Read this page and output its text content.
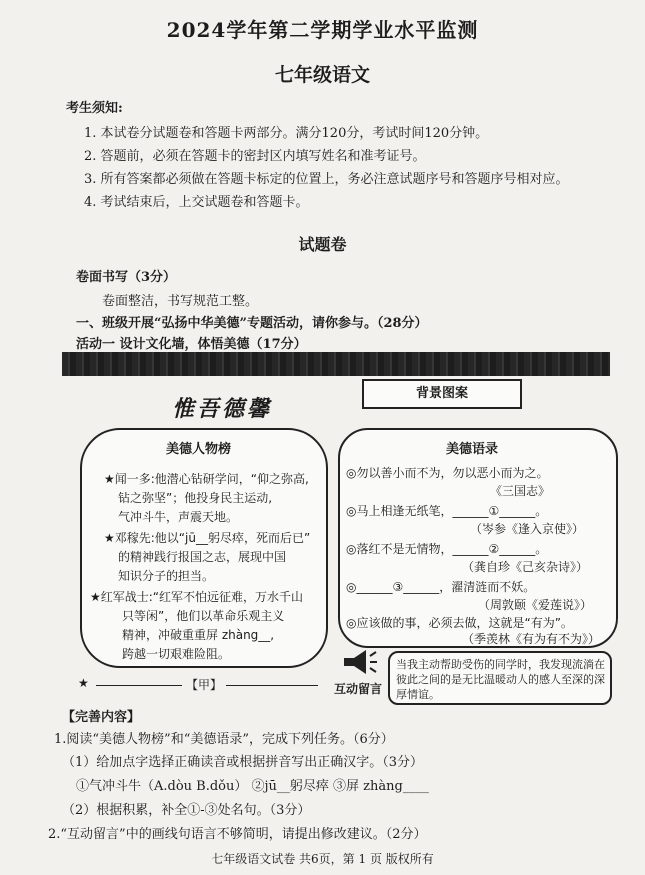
2024学年第二学期学业水平监测
七年级语文
考生须知:
1. 本试卷分试题卷和答题卡两部分。满分120分，考试时间120分钟。
2. 答题前，必须在答题卡的密封区内填写姓名和准考证号。
3. 所有答案都必须做在答题卡标定的位置上，务必注意试题序号和答题序号相对应。
4. 考试结束后，上交试题卷和答题卡。
试题卷
卷面书写（3分）
卷面整洁，书写规范工整。
一、班级开展“弘扬中华美德”专题活动，请你参与。（28分）
活动一 设计文化墙，体悟美德（17分）
背景图案
惟吾德馨
美德人物榜
★闻一多:他潜心钻研学问，“仰之弥高,
钻之弥坚”；他投身民主运动,
气冲斗牛，声震天地。
★邓稼先:他以“jū__躬尽瘁，死而后已”
的精神践行报国之志，展现中国
知识分子的担当。
★红军战士:“红军不怕远征难，万水千山
只等闲”，他们以革命乐观主义
精神，冲破重重屏 zhàng__,
跨越一切艰难险阻。
★	【甲】
美德语录
◎勿以善小而不为，勿以恶小而为之。
《三国志》
◎马上相逢无纸笔，______①______。
（岑参《逢入京使》）
◎落红不是无情物，______②______。
（龚自珍《己亥杂诗》）
◎______③______，濯清涟而不妖。
（周敦颐《爱莲说》）
◎应该做的事，必须去做，这就是“有为”。
（季羡林《有为有不为》）
互动留言
当我主动帮助受伤的同学时，我发现流淌在彼此之间的是无比温暖动人的感人至深的深厚情谊。
【完善内容】
1.阅读“美德人物榜”和“美德语录”，完成下列任务。（6分）
（1）给加点字选择正确读音或根据拼音写出正确汉字。（3分）
①气冲斗牛（A.dòu B.dǒu） ②jū__躬尽瘁 ③屏 zhàng____
（2）根据积累，补全①-③处名句。（3分）
2.“互动留言”中的画线句语言不够简明，请提出修改建议。（2分）
七年级语文试卷 共6页，第 1 页 版权所有
